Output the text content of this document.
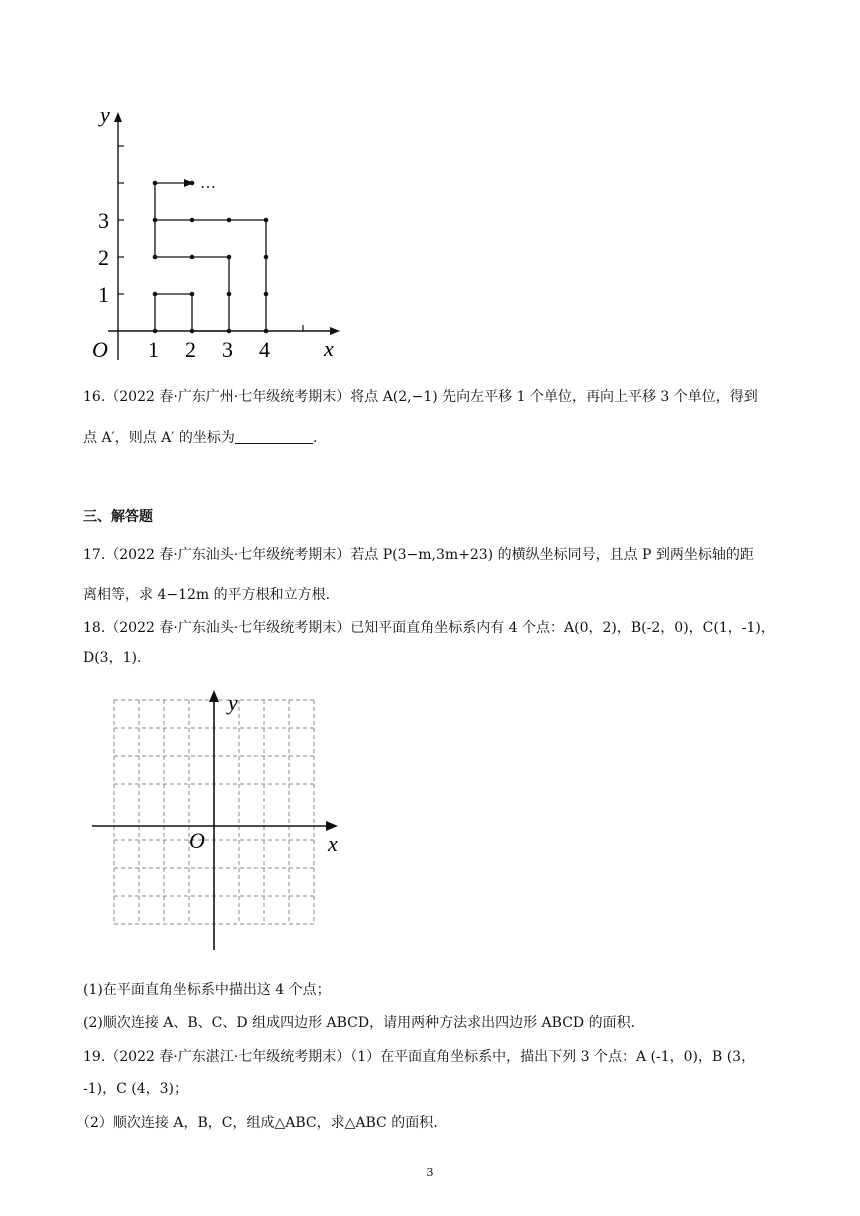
…
y
x
O 1 2 3 4
1
2
3
16.（2022 春·广东广州·七年级统考期末）将点 A(2,−1) 先向左平移 1 个单位，再向上平移 3 个单位，得到
点 A′，则点 A′ 的坐标为	.
三、解答题
17.（2022 春·广东汕头·七年级统考期末）若点 P(3−m,3m+23) 的横纵坐标同号，且点 P 到两坐标轴的距
离相等，求 4−12m 的平方根和立方根.
18.（2022 春·广东汕头·七年级统考期末）已知平面直角坐标系内有 4 个点：A(0，2)，B(-2，0)，C(1，-1)，
D(3，1).
y
x
O
(1)在平面直角坐标系中描出这 4 个点；
(2)顺次连接 A、B、C、D 组成四边形 ABCD，请用两种方法求出四边形 ABCD 的面积.
19.（2022 春·广东湛江·七年级统考期末）（1）在平面直角坐标系中，描出下列 3 个点：A (-1，0)，B (3，
-1)，C (4，3)；
（2）顺次连接 A，B，C，组成△ABC，求△ABC 的面积.
3
